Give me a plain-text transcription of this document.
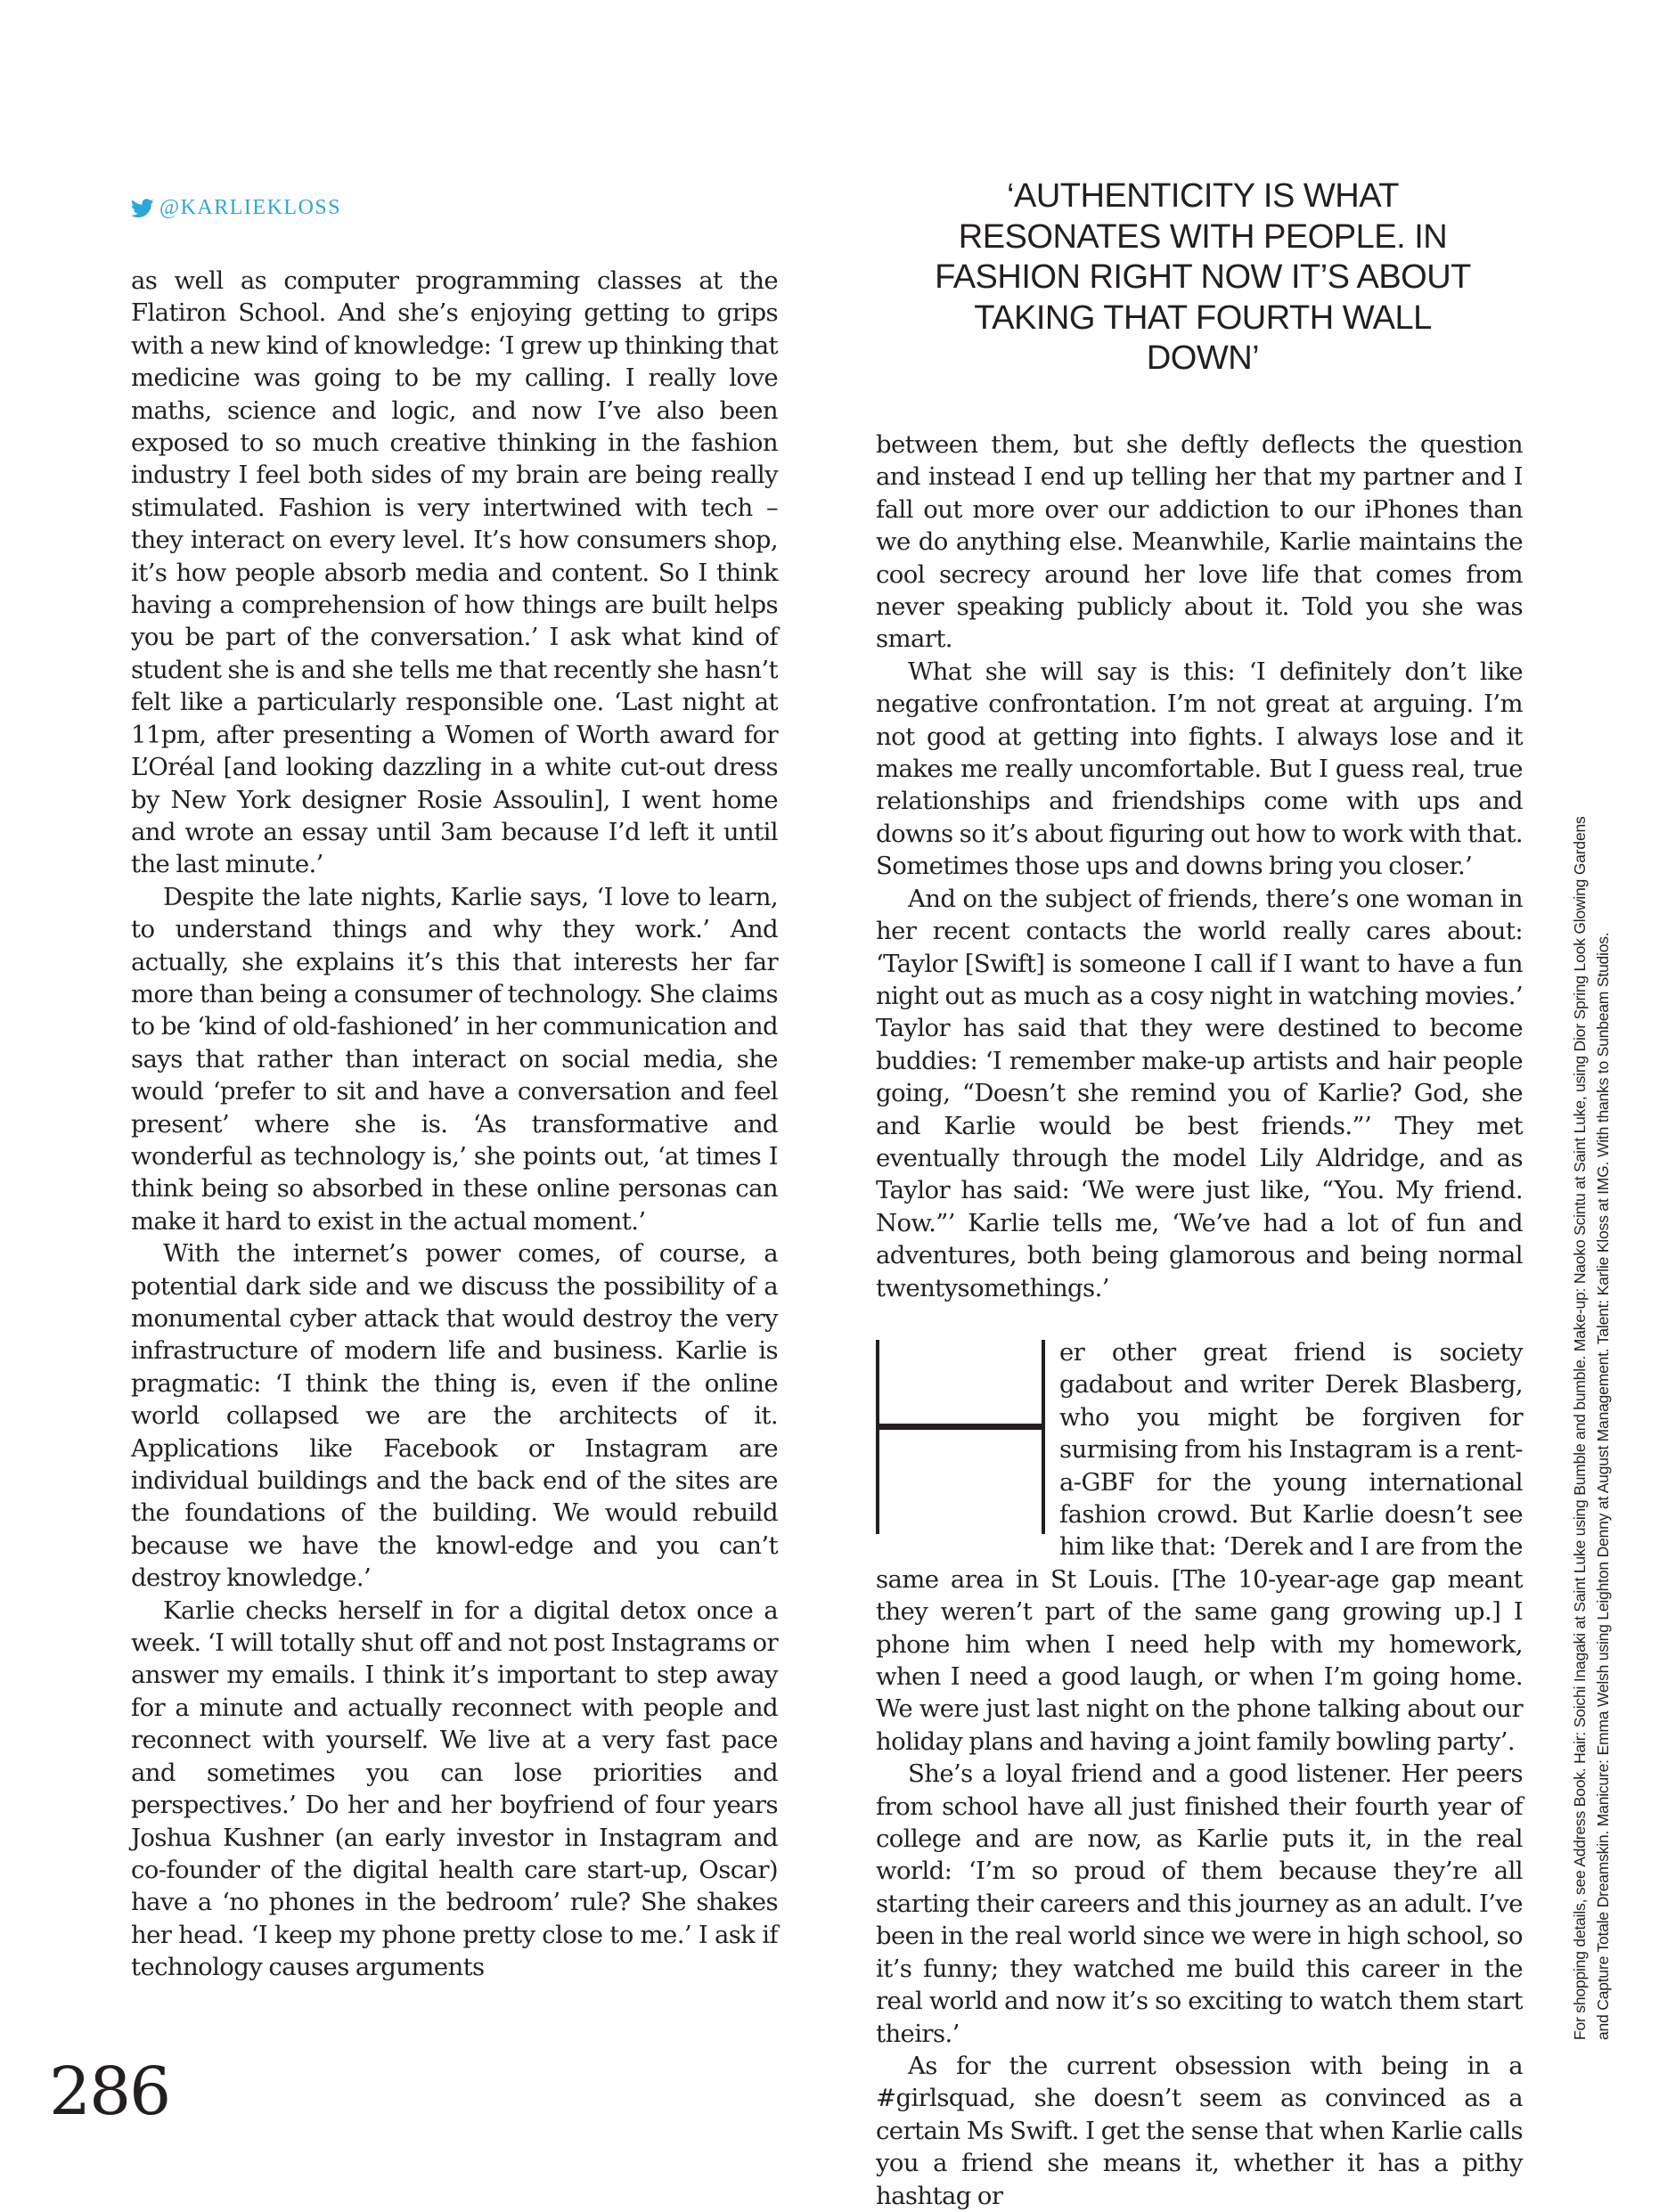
@KARLIEKLOSS

as well as computer programming classes at the Flatiron School. And she’s enjoying getting to grips with a new kind of knowledge: ‘I grew up thinking that medicine was going to be my calling. I really love maths, science and logic, and now I’ve also been exposed to so much creative thinking in the fashion industry I feel both sides of my brain are being really stimulated. Fashion is very intertwined with tech – they interact on every level. It’s how consumers shop, it’s how people absorb media and content. So I think having a comprehension of how things are built helps you be part of the conversation.’ I ask what kind of student she is and she tells me that recently she hasn’t felt like a particularly responsible one. ‘Last night at 11pm, after presenting a Women of Worth award for L’Oréal [and looking dazzling in a white cut-out dress by New York designer Rosie Assoulin], I went home and wrote an essay until 3am because I’d left it until the last minute.’

Despite the late nights, Karlie says, ‘I love to learn, to understand things and why they work.’ And actually, she explains it’s this that interests her far more than being a consumer of technology. She claims to be ‘kind of old-fashioned’ in her communication and says that rather than interact on social media, she would ‘prefer to sit and have a conversation and feel present’ where she is. ‘As transformative and wonderful as technology is,’ she points out, ‘at times I think being so absorbed in these online personas can make it hard to exist in the actual moment.’

With the internet’s power comes, of course, a potential dark side and we discuss the possibility of a monumental cyber attack that would destroy the very infrastructure of modern life and business. Karlie is pragmatic: ‘I think the thing is, even if the online world collapsed we are the architects of it. Applications like Facebook or Instagram are individual buildings and the back end of the sites are the foundations of the building. We would rebuild because we have the knowl-edge and you can’t destroy knowledge.’

Karlie checks herself in for a digital detox once a week. ‘I will totally shut off and not post Instagrams or answer my emails. I think it’s important to step away for a minute and actually reconnect with people and reconnect with yourself. We live at a very fast pace and sometimes you can lose priorities and perspectives.’ Do her and her boyfriend of four years Joshua Kushner (an early investor in Instagram and co-founder of the digital health care start-up, Oscar) have a ‘no phones in the bedroom’ rule? She shakes her head. ‘I keep my phone pretty close to me.’ I ask if technology causes arguments

‘AUTHENTICITY IS WHAT RESONATES WITH PEOPLE. IN FASHION RIGHT NOW IT’S ABOUT TAKING THAT FOURTH WALL DOWN’

between them, but she deftly deflects the question and instead I end up telling her that my partner and I fall out more over our addiction to our iPhones than we do anything else. Meanwhile, Karlie maintains the cool secrecy around her love life that comes from never speaking publicly about it. Told you she was smart.

What she will say is this: ‘I definitely don’t like negative confrontation. I’m not great at arguing. I’m not good at getting into fights. I always lose and it makes me really uncomfortable. But I guess real, true relationships and friendships come with ups and downs so it’s about figuring out how to work with that. Sometimes those ups and downs bring you closer.’

And on the subject of friends, there’s one woman in her recent contacts the world really cares about: ‘Taylor [Swift] is someone I call if I want to have a fun night out as much as a cosy night in watching movies.’ Taylor has said that they were destined to become buddies: ‘I remember make-up artists and hair people going, “Doesn’t she remind you of Karlie? God, she and Karlie would be best friends.”’ They met eventually through the model Lily Aldridge, and as Taylor has said: ‘We were just like, “You. My friend. Now.”’ Karlie tells me, ‘We’ve had a lot of fun and adventures, both being glamorous and being normal twentysomethings.’

er other great friend is society gadabout and writer Derek Blasberg, who you might be forgiven for surmising from his Instagram is a rent-a-GBF for the young international fashion crowd. But Karlie doesn’t see him like that: ‘Derek and I are from the same area in St Louis. [The 10-year-age gap meant they weren’t part of the same gang growing up.] I phone him when I need help with my homework, when I need a good laugh, or when I’m going home. We were just last night on the phone talking about our holiday plans and having a joint family bowling party’.

She’s a loyal friend and a good listener. Her peers from school have all just finished their fourth year of college and are now, as Karlie puts it, in the real world: ‘I’m so proud of them because they’re all starting their careers and this journey as an adult. I’ve been in the real world since we were in high school, so it’s funny; they watched me build this career in the real world and now it’s so exciting to watch them start theirs.’

As for the current obsession with being in a #girlsquad, she doesn’t seem as convinced as a certain Ms Swift. I get the sense that when Karlie calls you a friend she means it, whether it has a pithy hashtag or

286
For shopping details, see Address Book. Hair: Soichi Inagaki at Saint Luke using Bumble and bumble. Make-up: Naoko Scintu at Saint Luke, using Dior Spring Look Glowing Gardens and Capture Totale Dreamskin. Manicure: Emma Welsh using Leighton Denny at August Management. Talent: Karlie Kloss at IMG. With thanks to Sunbeam Studios.
